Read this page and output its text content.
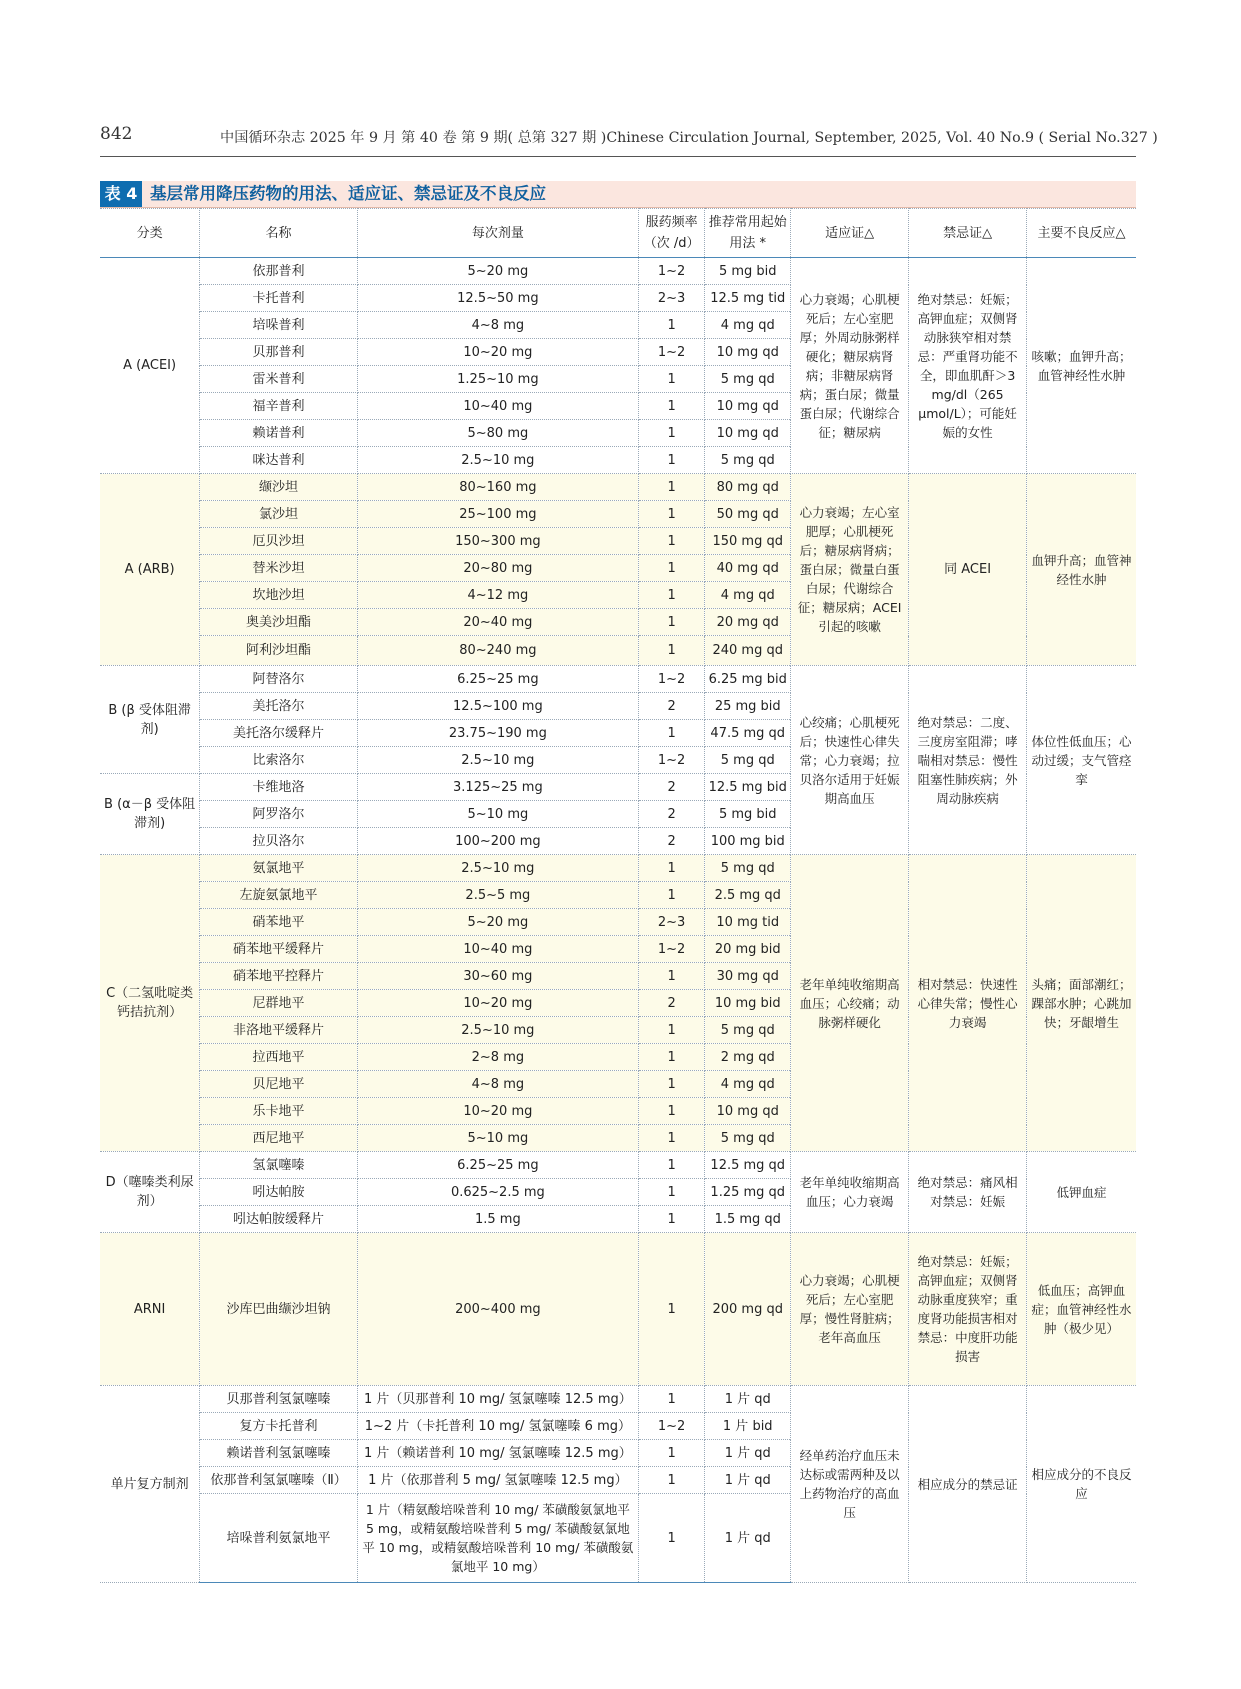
842	中国循环杂志 2025 年 9 月 第 40 卷 第 9 期( 总第 327 期 )Chinese Circulation Journal, September, 2025, Vol. 40 No.9 ( Serial No.327 )
表 4 基层常用降压药物的用法、适应证、禁忌证及不良反应
分类	名称	每次剂量	服药频率（次 /d）	推荐常用起始用法 *	适应证△	禁忌证△	主要不良反应△
A (ACEI)	依那普利	5~20 mg	1~2	5 mg bid	心力衰竭；心肌梗死后；左心室肥厚；外周动脉粥样硬化；糖尿病肾病；非糖尿病肾病；蛋白尿；微量蛋白尿；代谢综合征；糖尿病	绝对禁忌：妊娠；高钾血症；双侧肾动脉狭窄相对禁忌：严重肾功能不全，即血肌酐＞3 mg/dl（265 μmol/L）；可能妊娠的女性	咳嗽；血钾升高；血管神经性水肿
	卡托普利	12.5~50 mg	2~3	12.5 mg tid			
	培哚普利	4~8 mg	1	4 mg qd			
	贝那普利	10~20 mg	1~2	10 mg qd			
	雷米普利	1.25~10 mg	1	5 mg qd			
	福辛普利	10~40 mg	1	10 mg qd			
	赖诺普利	5~80 mg	1	10 mg qd			
	咪达普利	2.5~10 mg	1	5 mg qd			
A (ARB)	缬沙坦	80~160 mg	1	80 mg qd	心力衰竭；左心室肥厚；心肌梗死后；糖尿病肾病；蛋白尿；微量白蛋白尿；代谢综合征；糖尿病；ACEI 引起的咳嗽	同 ACEI	血钾升高；血管神经性水肿
	氯沙坦	25~100 mg	1	50 mg qd			
	厄贝沙坦	150~300 mg	1	150 mg qd			
	替米沙坦	20~80 mg	1	40 mg qd			
	坎地沙坦	4~12 mg	1	4 mg qd			
	奥美沙坦酯	20~40 mg	1	20 mg qd			
	阿利沙坦酯	80~240 mg	1	240 mg qd			
B (β 受体阻滞剂)	阿替洛尔	6.25~25 mg	1~2	6.25 mg bid	心绞痛；心肌梗死后；快速性心律失常；心力衰竭；拉贝洛尔适用于妊娠期高血压	绝对禁忌：二度、三度房室阻滞；哮喘相对禁忌：慢性阻塞性肺疾病；外周动脉疾病	体位性低血压；心动过缓；支气管痉挛
	美托洛尔	12.5~100 mg	2	25 mg bid			
	美托洛尔缓释片	23.75~190 mg	1	47.5 mg qd			
	比索洛尔	2.5~10 mg	1~2	5 mg qd			
B (α－β 受体阻滞剂)	卡维地洛	3.125~25 mg	2	12.5 mg bid			
	阿罗洛尔	5~10 mg	2	5 mg bid			
	拉贝洛尔	100~200 mg	2	100 mg bid			
C（二氢吡啶类钙拮抗剂）	氨氯地平	2.5~10 mg	1	5 mg qd	老年单纯收缩期高血压；心绞痛；动脉粥样硬化	相对禁忌：快速性心律失常；慢性心力衰竭	头痛；面部潮红；踝部水肿；心跳加快；牙龈增生
	左旋氨氯地平	2.5~5 mg	1	2.5 mg qd			
	硝苯地平	5~20 mg	2~3	10 mg tid			
	硝苯地平缓释片	10~40 mg	1~2	20 mg bid			
	硝苯地平控释片	30~60 mg	1	30 mg qd			
	尼群地平	10~20 mg	2	10 mg bid			
	非洛地平缓释片	2.5~10 mg	1	5 mg qd			
	拉西地平	2~8 mg	1	2 mg qd			
	贝尼地平	4~8 mg	1	4 mg qd			
	乐卡地平	10~20 mg	1	10 mg qd			
	西尼地平	5~10 mg	1	5 mg qd			
D（噻嗪类利尿剂）	氢氯噻嗪	6.25~25 mg	1	12.5 mg qd	老年单纯收缩期高血压；心力衰竭	绝对禁忌：痛风相对禁忌：妊娠	低钾血症
	吲达帕胺	0.625~2.5 mg	1	1.25 mg qd			
	吲达帕胺缓释片	1.5 mg	1	1.5 mg qd			
ARNI	沙库巴曲缬沙坦钠	200~400 mg	1	200 mg qd	心力衰竭；心肌梗死后；左心室肥厚；慢性肾脏病；老年高血压	绝对禁忌：妊娠；高钾血症；双侧肾动脉重度狭窄；重度肾功能损害相对禁忌：中度肝功能损害	低血压；高钾血症；血管神经性水肿（极少见）
单片复方制剂	贝那普利氢氯噻嗪	1 片（贝那普利 10 mg/ 氢氯噻嗪 12.5 mg）	1	1 片 qd	经单药治疗血压未达标或需两种及以上药物治疗的高血压	相应成分的禁忌证	相应成分的不良反应
	复方卡托普利	1~2 片（卡托普利 10 mg/ 氢氯噻嗪 6 mg）	1~2	1 片 bid			
	赖诺普利氢氯噻嗪	1 片（赖诺普利 10 mg/ 氢氯噻嗪 12.5 mg）	1	1 片 qd			
	依那普利氢氯噻嗪（Ⅱ）	1 片（依那普利 5 mg/ 氢氯噻嗪 12.5 mg）	1	1 片 qd			
	培哚普利氨氯地平	1 片（精氨酸培哚普利 10 mg/ 苯磺酸氨氯地平 5 mg，或精氨酸培哚普利 5 mg/ 苯磺酸氨氯地平 10 mg，或精氨酸培哚普利 10 mg/ 苯磺酸氨氯地平 10 mg）	1	1 片 qd			
